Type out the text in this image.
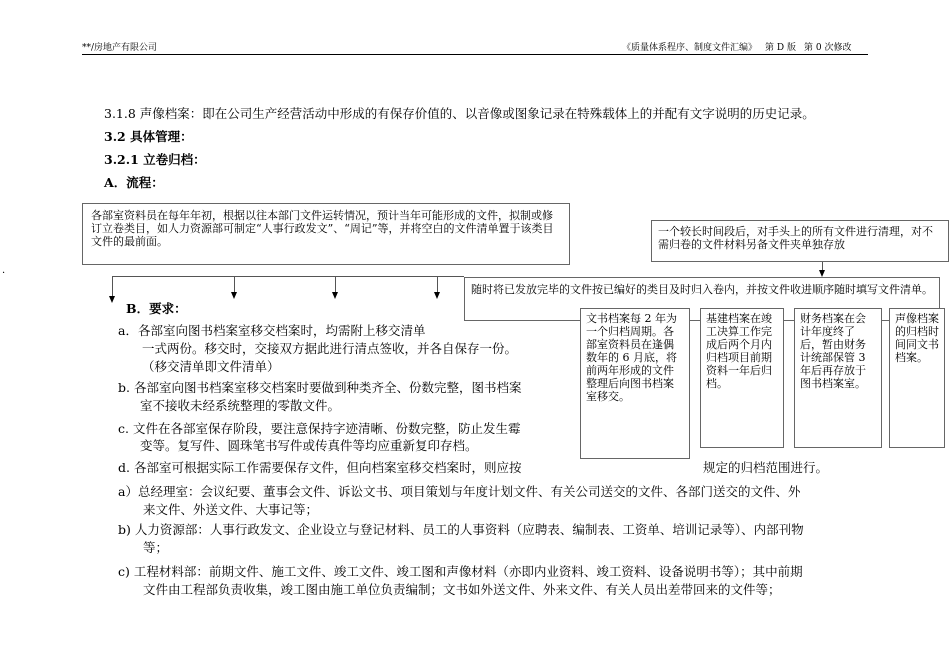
**/房地产有限公司	《质量体系程序、制度文件汇编》 第 D 版 第 0 次修改
3.1.8 声像档案：即在公司生产经营活动中形成的有保存价值的、以音像或图象记录在特殊载体上的并配有文字说明的历史记录。
3.2 具体管理：
3.2.1 立卷归档：
A．流程：
·
各部室资料员在每年年初，根据以往本部门文件运转情况，预计当年可能形成的文件，拟制或修订立卷类目，如人力资源部可制定“人事行政发文”、“周记”等，并将空白的文件清单置于该类目文件的最前面。
一个较长时间段后，对手头上的所有文件进行清理，对不需归卷的文件材料另备文件夹单独存放
随时将已发放完毕的文件按已编好的类目及时归入卷内，并按文件收进顺序随时填写文件清单。
文书档案每 2 年为一个归档周期。各部室资料员在逢偶数年的 6 月底，将前两年形成的文件整理后向图书档案室移交。
基建档案在竣工决算工作完成后两个月内归档项目前期资料一年后归档。
财务档案在会计年度终了后，暂由财务计统部保管 3 年后再存放于图书档案室。
声像档案的归档时间同文书档案。
B．要求：
a．各部室向图书档案室移交档案时，均需附上移交清单
一式两份。移交时，交接双方据此进行清点签收，并各自保存一份。
（移交清单即文件清单）
b. 各部室向图书档案室移交档案时要做到种类齐全、份数完整，图书档案
室不接收未经系统整理的零散文件。
c. 文件在各部室保存阶段，要注意保持字迹清晰、份数完整，防止发生霉
变等。复写件、圆珠笔书写件或传真件等均应重新复印存档。
d. 各部室可根据实际工作需要保存文件，但向档案室移交档案时，则应按	规定的归档范围进行。
a）总经理室：会议纪要、董事会文件、诉讼文书、项目策划与年度计划文件、有关公司送交的文件、各部门送交的文件、外
来文件、外送文件、大事记等；
b) 人力资源部：人事行政发文、企业设立与登记材料、员工的人事资料（应聘表、编制表、工资单、培训记录等）、内部刊物
等；
c) 工程材料部：前期文件、施工文件、竣工文件、竣工图和声像材料（亦即内业资料、竣工资料、设备说明书等）；其中前期
文件由工程部负责收集，竣工图由施工单位负责编制；文书如外送文件、外来文件、有关人员出差带回来的文件等；
